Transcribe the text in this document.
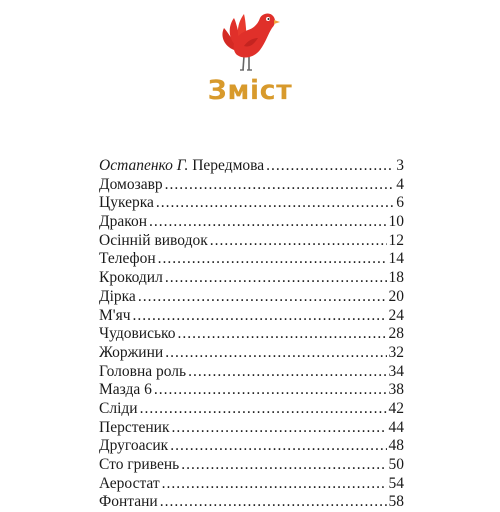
Зміст
Остапенко Г. Передмова .....	3
Домозавр .....	4
Цукерка .....	6
Дракон .....	10
Осінній виводок .....	12
Телефон .....	14
Крокодил .....	18
Дірка .....	20
М'яч .....	24
Чудовисько .....	28
Жоржини .....	32
Головна роль .....	34
Мазда 6 .....	38
Сліди .....	42
Перстеник .....	44
Другоасик .....	48
Сто гривень .....	50
Аеростат .....	54
Фонтани .....	58
